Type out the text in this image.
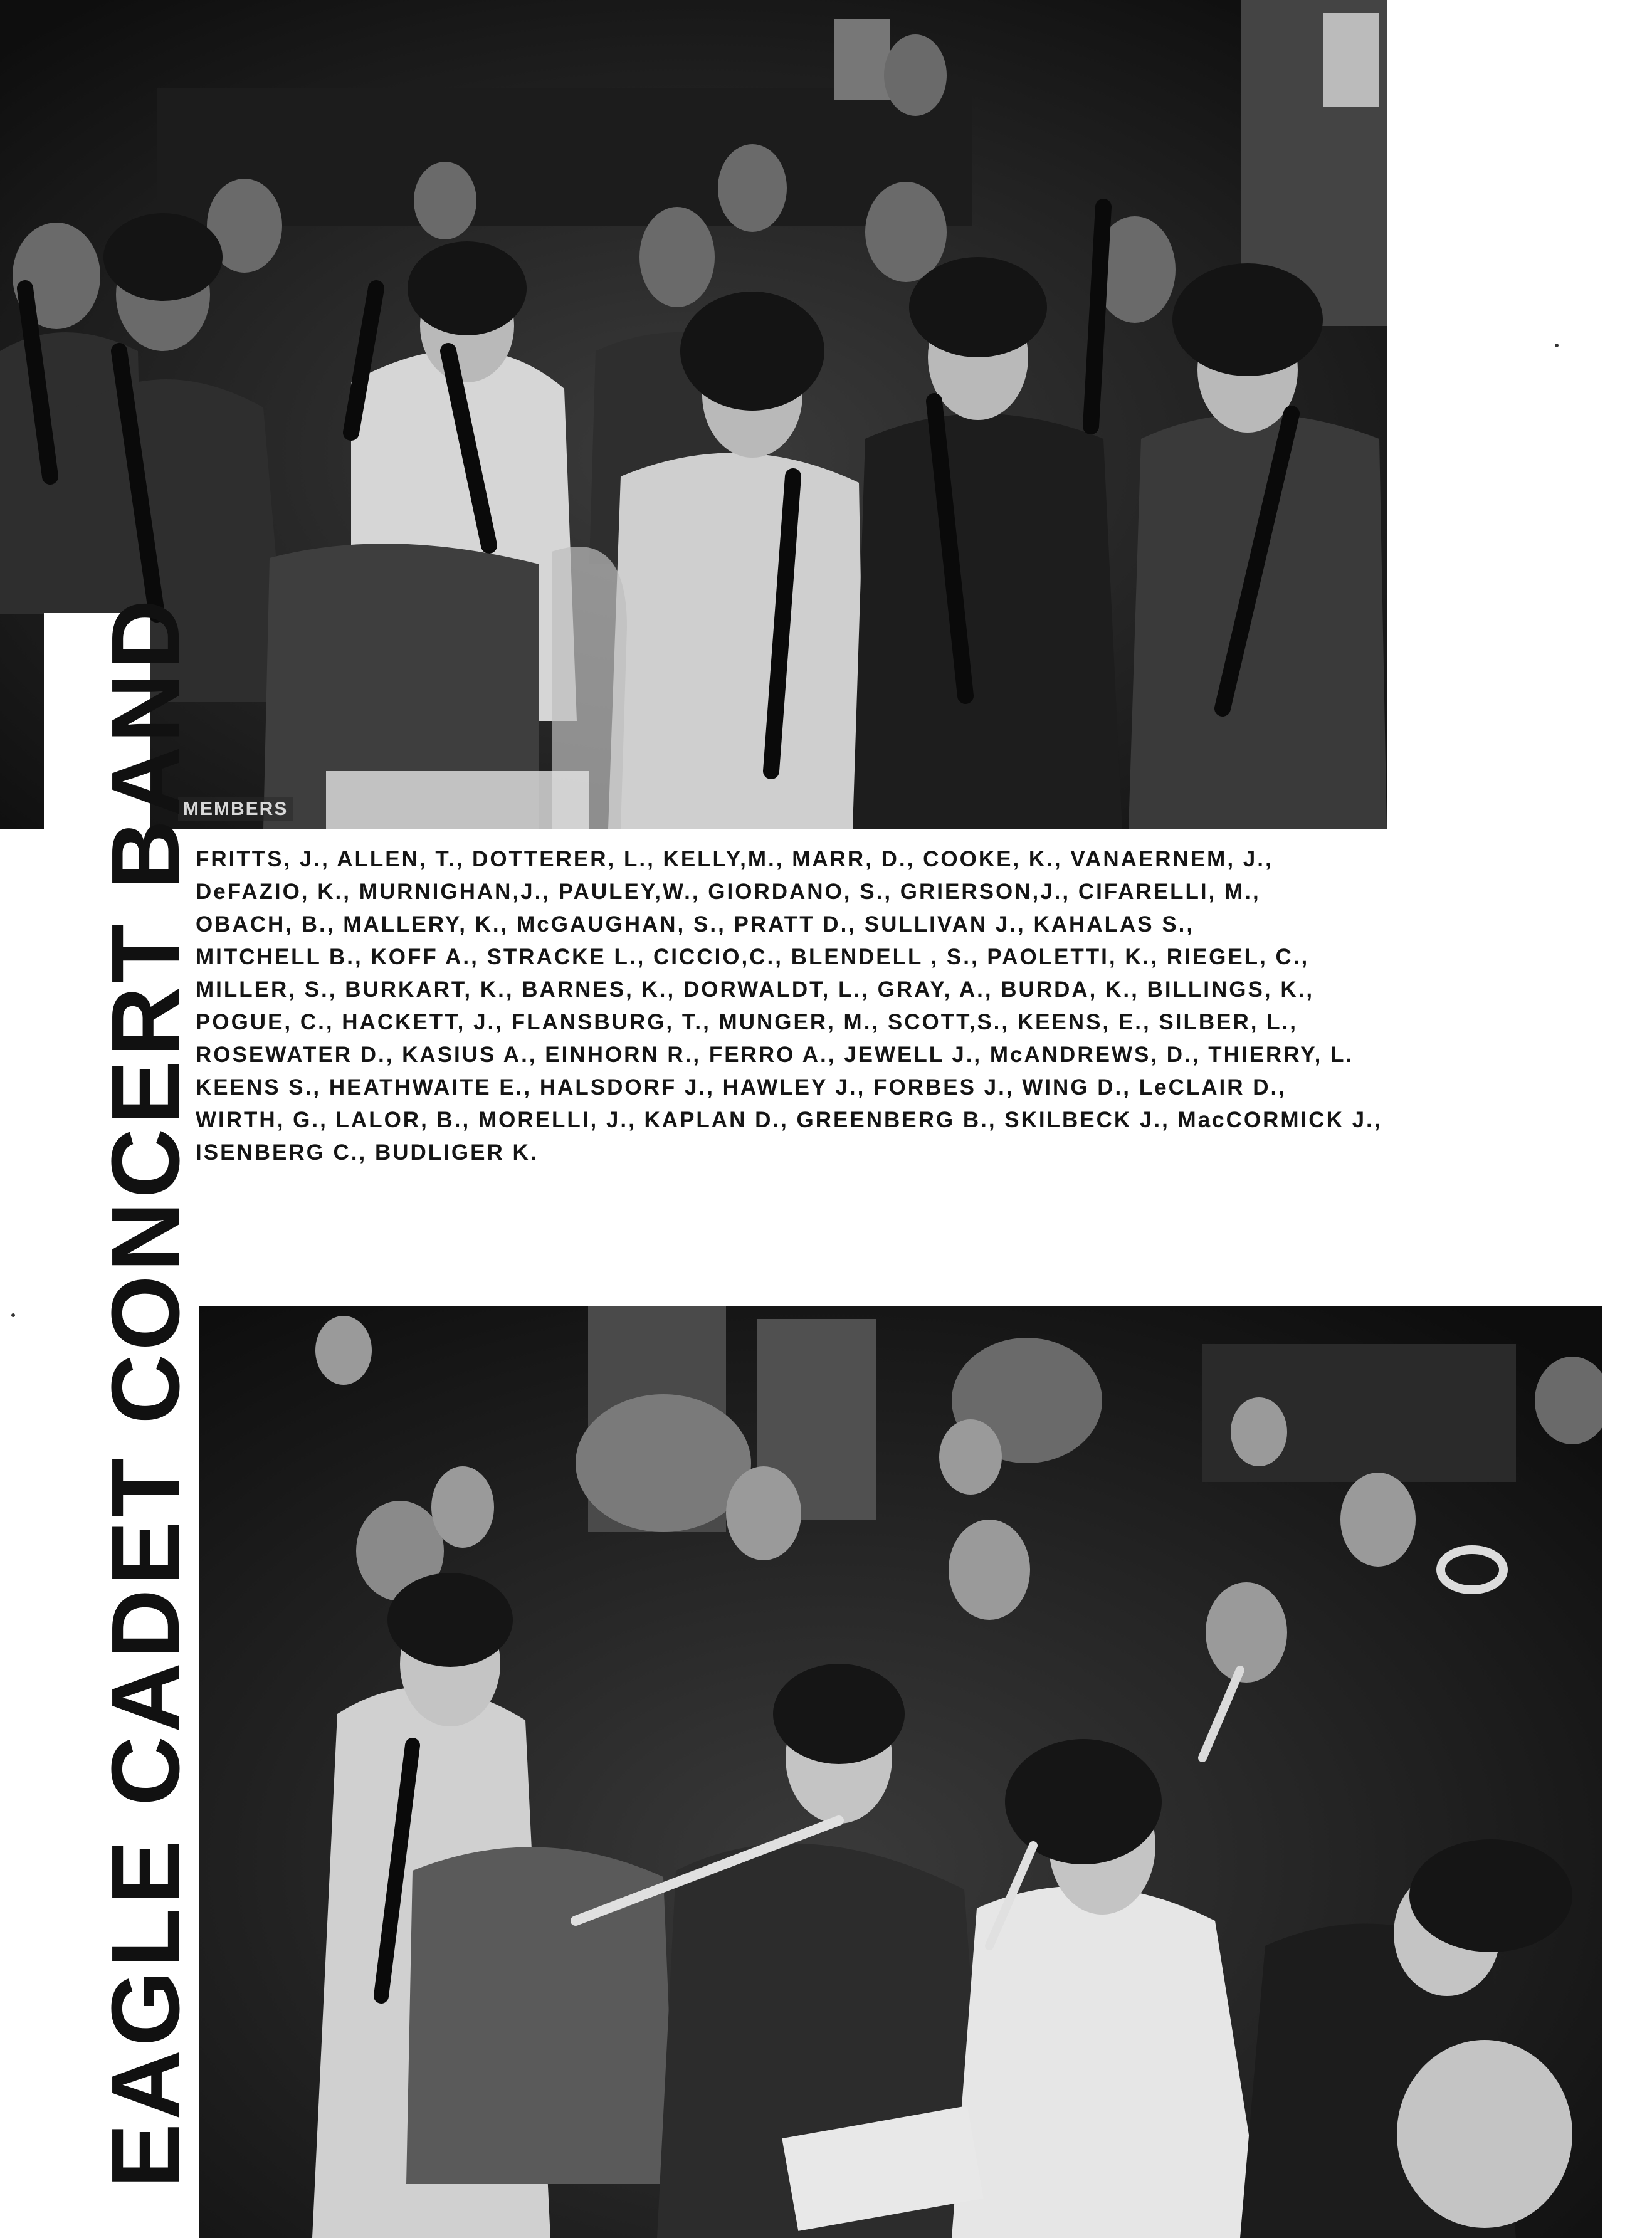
MEMBERS
EAGLE CADET CONCERT BAND
FRITTS, J., ALLEN, T., DOTTERER, L., KELLY,M., MARR, D., COOKE, K., VANAERNEM, J.,
DeFAZIO, K., MURNIGHAN,J., PAULEY,W., GIORDANO, S., GRIERSON,J., CIFARELLI, M.,
OBACH, B., MALLERY, K., McGAUGHAN, S., PRATT D., SULLIVAN J., KAHALAS S.,
MITCHELL B., KOFF A., STRACKE L., CICCIO,C., BLENDELL , S., PAOLETTI, K., RIEGEL, C.,
MILLER, S., BURKART, K., BARNES, K., DORWALDT, L., GRAY, A., BURDA, K., BILLINGS, K.,
POGUE, C., HACKETT, J., FLANSBURG, T., MUNGER, M., SCOTT,S., KEENS, E., SILBER, L.,
ROSEWATER D., KASIUS A., EINHORN R., FERRO A., JEWELL J., McANDREWS, D., THIERRY, L.
KEENS S., HEATHWAITE E., HALSDORF J., HAWLEY J., FORBES J., WING D., LeCLAIR D.,
WIRTH, G., LALOR, B., MORELLI, J., KAPLAN D., GREENBERG B., SKILBECK J., MacCORMICK J.,
ISENBERG C., BUDLIGER K.
